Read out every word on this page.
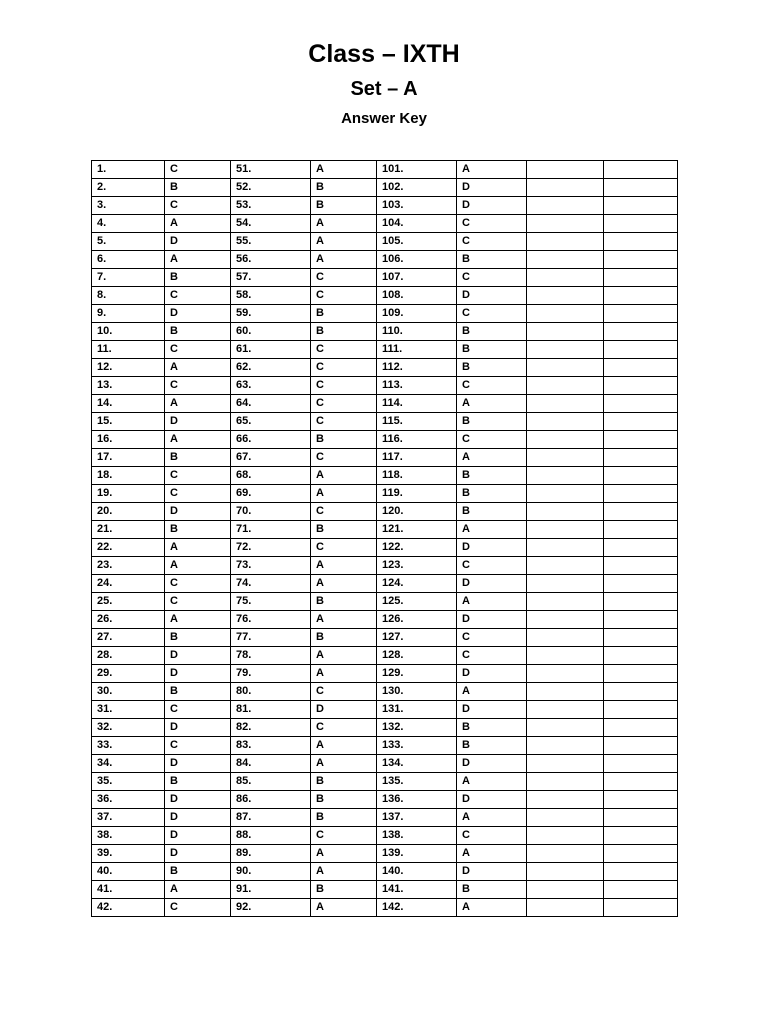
Class – IXTH
Set – A
Answer Key
1.	C	51.	A	101.	A		
2.	B	52.	B	102.	D		
3.	C	53.	B	103.	D		
4.	A	54.	A	104.	C		
5.	D	55.	A	105.	C		
6.	A	56.	A	106.	B		
7.	B	57.	C	107.	C		
8.	C	58.	C	108.	D		
9.	D	59.	B	109.	C		
10.	B	60.	B	110.	B		
11.	C	61.	C	111.	B		
12.	A	62.	C	112.	B		
13.	C	63.	C	113.	C		
14.	A	64.	C	114.	A		
15.	D	65.	C	115.	B		
16.	A	66.	B	116.	C		
17.	B	67.	C	117.	A		
18.	C	68.	A	118.	B		
19.	C	69.	A	119.	B		
20.	D	70.	C	120.	B		
21.	B	71.	B	121.	A		
22.	A	72.	C	122.	D		
23.	A	73.	A	123.	C		
24.	C	74.	A	124.	D		
25.	C	75.	B	125.	A		
26.	A	76.	A	126.	D		
27.	B	77.	B	127.	C		
28.	D	78.	A	128.	C		
29.	D	79.	A	129.	D		
30.	B	80.	C	130.	A		
31.	C	81.	D	131.	D		
32.	D	82.	C	132.	B		
33.	C	83.	A	133.	B		
34.	D	84.	A	134.	D		
35.	B	85.	B	135.	A		
36.	D	86.	B	136.	D		
37.	D	87.	B	137.	A		
38.	D	88.	C	138.	C		
39.	D	89.	A	139.	A		
40.	B	90.	A	140.	D		
41.	A	91.	B	141.	B		
42.	C	92.	A	142.	A		
